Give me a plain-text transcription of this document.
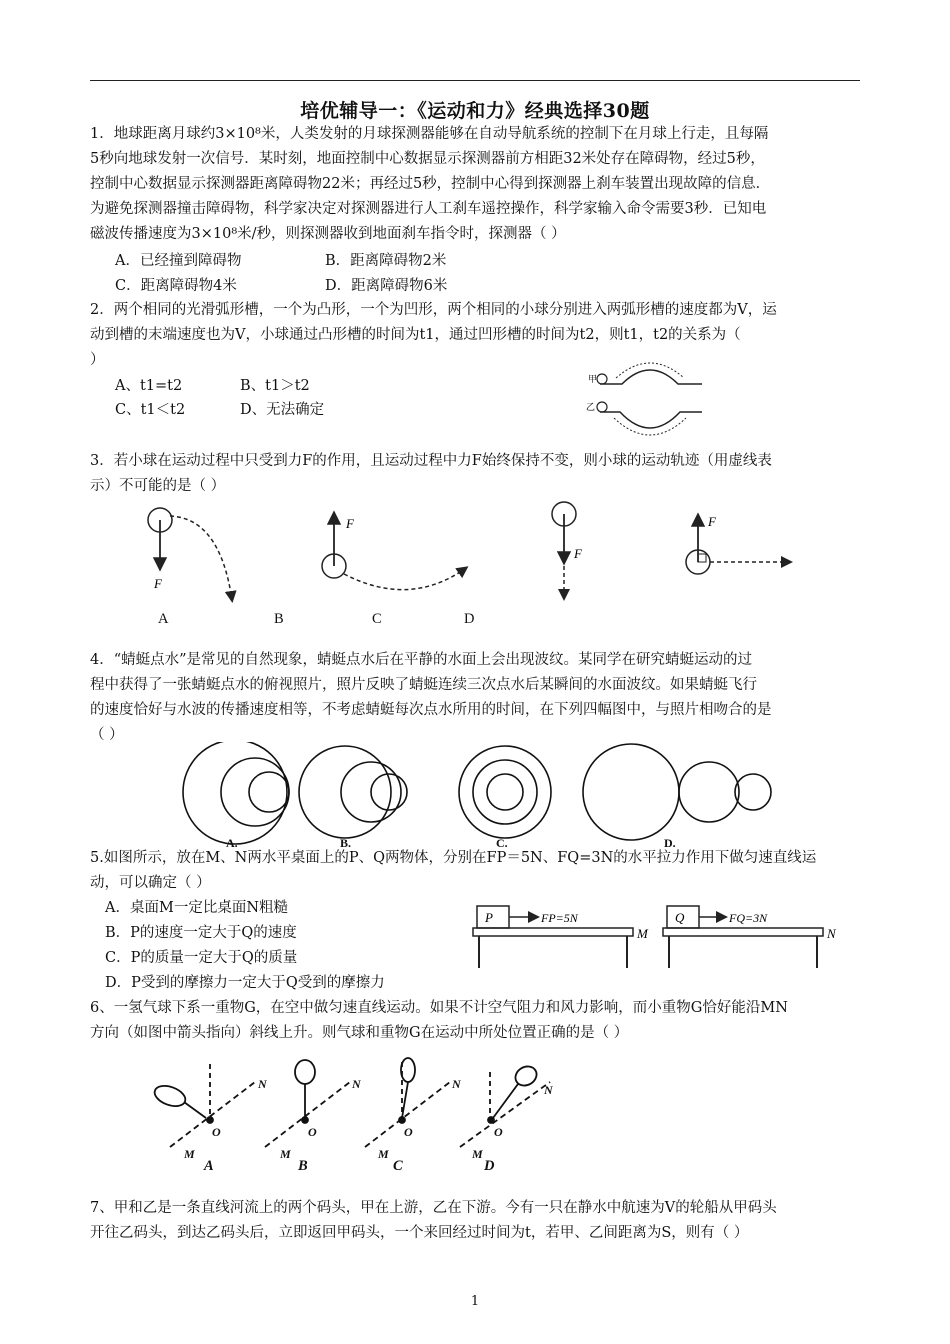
培优辅导一：《运动和力》经典选择30题

1．地球距离月球约3×10⁸米，人类发射的月球探测器能够在自动导航系统的控制下在月球上行走，且每隔

5秒向地球发射一次信号．某时刻，地面控制中心数据显示探测器前方相距32米处存在障碍物，经过5秒，

控制中心数据显示探测器距离障碍物22米；再经过5秒，控制中心得到探测器上刹车装置出现故障的信息．

为避免探测器撞击障碍物，科学家决定对探测器进行人工刹车遥控操作，科学家输入命令需要3秒．已知电

磁波传播速度为3×10⁸米/秒，则探测器收到地面刹车指令时，探测器（ ）

A．已经撞到障碍物	B．距离障碍物2米
C．距离障碍物4米	D．距离障碍物6米

2．两个相同的光滑弧形槽，一个为凸形，一个为凹形，两个相同的小球分别进入两弧形槽的速度都为V，运

动到槽的末端速度也为V，小球通过凸形槽的时间为t1，通过凹形槽的时间为t2，则t1，t2的关系为（

）

A、t1=t2	B、t1＞t2
C、t1＜t2	D、无法确定
甲
乙

3．若小球在运动过程中只受到力F的作用，且运动过程中力F始终保持不变，则小球的运动轨迹（用虚线表

示）不可能的是（ ）

F
F
F
F
A	B	C	D

4．“蜻蜓点水”是常见的自然现象，蜻蜓点水后在平静的水面上会出现波纹。某同学在研究蜻蜓运动的过

程中获得了一张蜻蜓点水的俯视照片，照片反映了蜻蜓连续三次点水后某瞬间的水面波纹。如果蜻蜓飞行

的速度恰好与水波的传播速度相等，不考虑蜻蜓每次点水所用的时间，在下列四幅图中，与照片相吻合的是

（ ）

A.	B.	C.	D.

5.如图所示，放在M、N两水平桌面上的P、Q两物体，分别在FP＝5N、FQ=3N的水平拉力作用下做匀速直线运

动，可以确定（ ）

A．桌面M一定比桌面N粗糙
B．P的速度一定大于Q的速度
C．P的质量一定大于Q的质量
D．P受到的摩擦力一定大于Q受到的摩擦力
P	FP=5N
M
Q	FQ=3N
N

6、一氢气球下系一重物G，在空中做匀速直线运动。如果不计空气阻力和风力影响，而小重物G恰好能沿MN

方向（如图中箭头指向）斜线上升。则气球和重物G在运动中所处位置正确的是（ ）

M
N
O
M
N
O
M
N
O
M
N
O
A	B	C	D

7、甲和乙是一条直线河流上的两个码头，甲在上游，乙在下游。今有一只在静水中航速为V的轮船从甲码头

开往乙码头，到达乙码头后，立即返回甲码头，一个来回经过时间为t，若甲、乙间距离为S，则有（ ）

1
